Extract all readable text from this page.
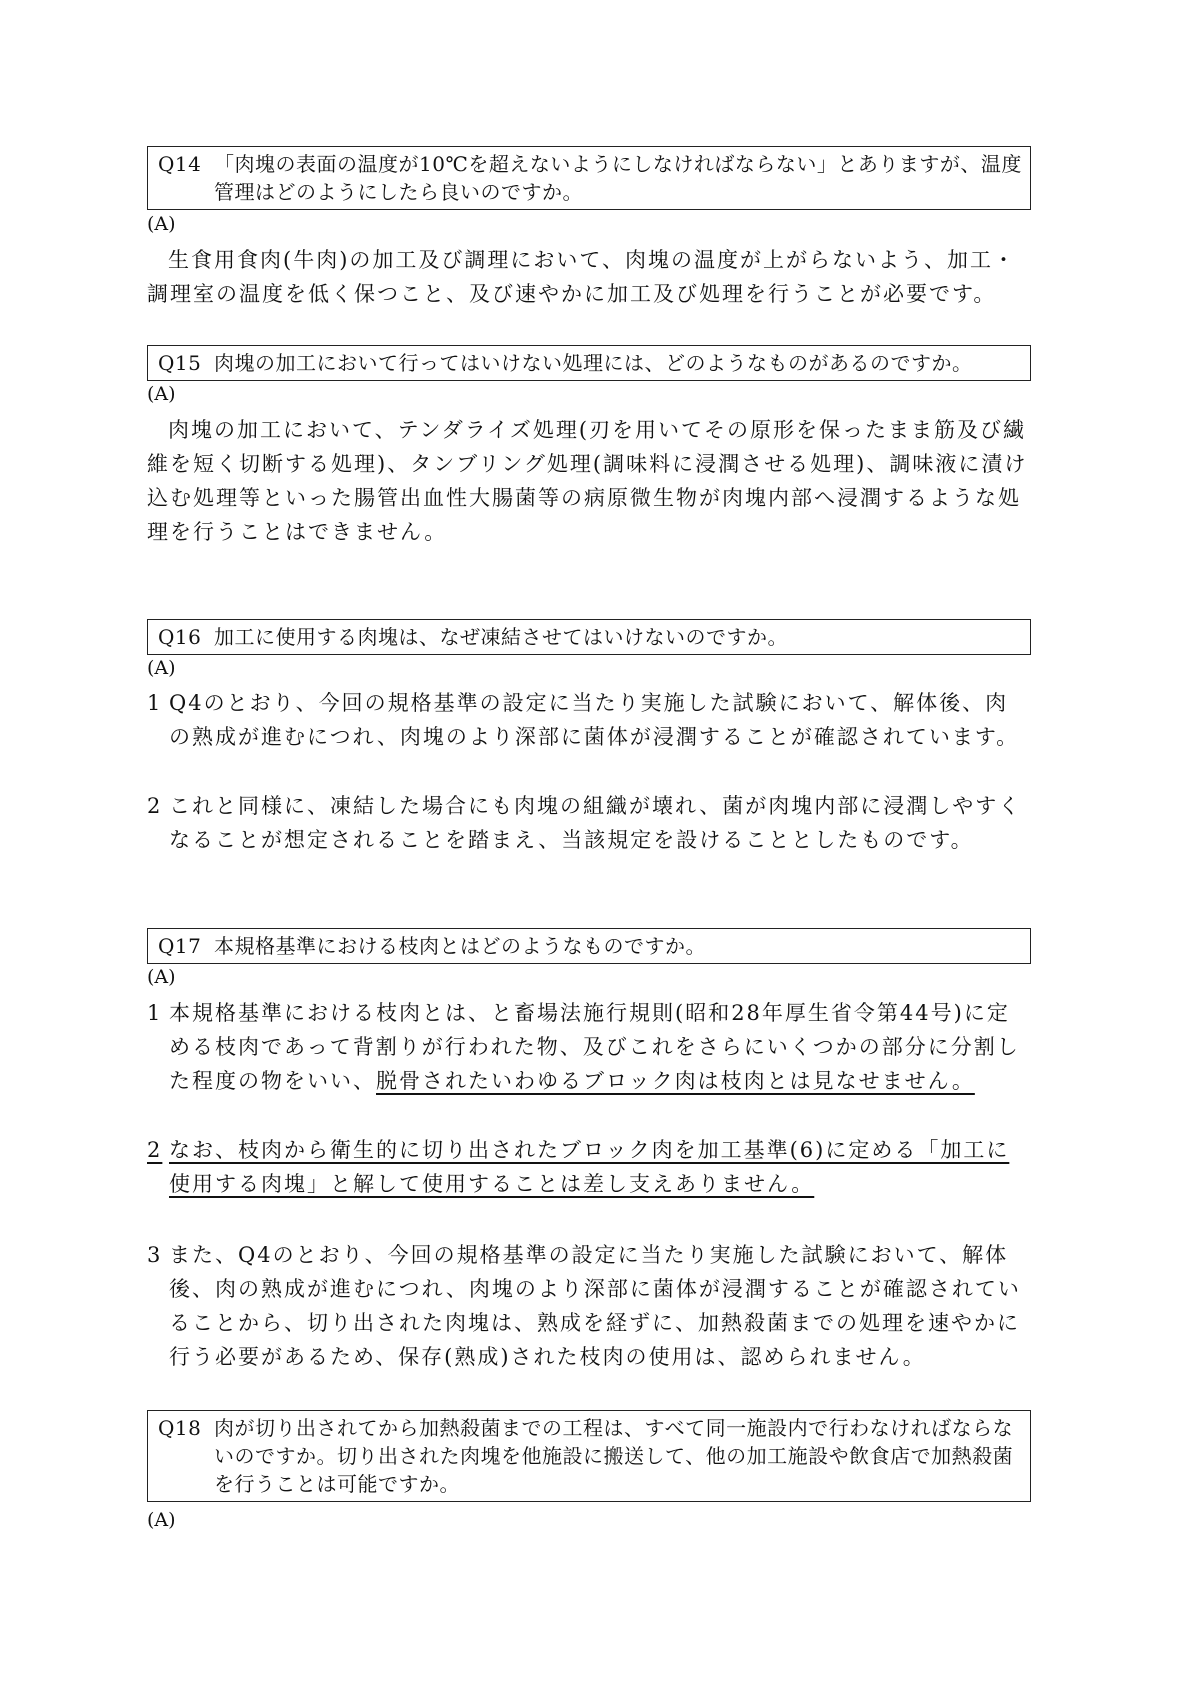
Q14 「肉塊の表面の温度が10℃を超えないようにしなければならない」とありますが、温度管理はどのようにしたら良いのですか。
(A)

生食用食肉(牛肉)の加工及び調理において、肉塊の温度が上がらないよう、加工・調理室の温度を低く保つこと、及び速やかに加工及び処理を行うことが必要です。

Q15 肉塊の加工において行ってはいけない処理には、どのようなものがあるのですか。
(A)

肉塊の加工において、テンダライズ処理(刃を用いてその原形を保ったまま筋及び繊維を短く切断する処理)、タンブリング処理(調味料に浸潤させる処理)、調味液に漬け込む処理等といった腸管出血性大腸菌等の病原微生物が肉塊内部へ浸潤するような処理を行うことはできません。

Q16 加工に使用する肉塊は、なぜ凍結させてはいけないのですか。
(A)
1 Q4のとおり、今回の規格基準の設定に当たり実施した試験において、解体後、肉の熟成が進むにつれ、肉塊のより深部に菌体が浸潤することが確認されています。
2 これと同様に、凍結した場合にも肉塊の組織が壊れ、菌が肉塊内部に浸潤しやすくなることが想定されることを踏まえ、当該規定を設けることとしたものです。
Q17 本規格基準における枝肉とはどのようなものですか。
(A)
1 本規格基準における枝肉とは、と畜場法施行規則(昭和28年厚生省令第44号)に定める枝肉であって背割りが行われた物、及びこれをさらにいくつかの部分に分割した程度の物をいい、脱骨されたいわゆるブロック肉は枝肉とは見なせません。
2 なお、枝肉から衛生的に切り出されたブロック肉を加工基準(6)に定める「加工に使用する肉塊」と解して使用することは差し支えありません。
3 また、Q4のとおり、今回の規格基準の設定に当たり実施した試験において、解体後、肉の熟成が進むにつれ、肉塊のより深部に菌体が浸潤することが確認されていることから、切り出された肉塊は、熟成を経ずに、加熱殺菌までの処理を速やかに行う必要があるため、保存(熟成)された枝肉の使用は、認められません。
Q18 肉が切り出されてから加熱殺菌までの工程は、すべて同一施設内で行わなければならないのですか。切り出された肉塊を他施設に搬送して、他の加工施設や飲食店で加熱殺菌を行うことは可能ですか。
(A)
